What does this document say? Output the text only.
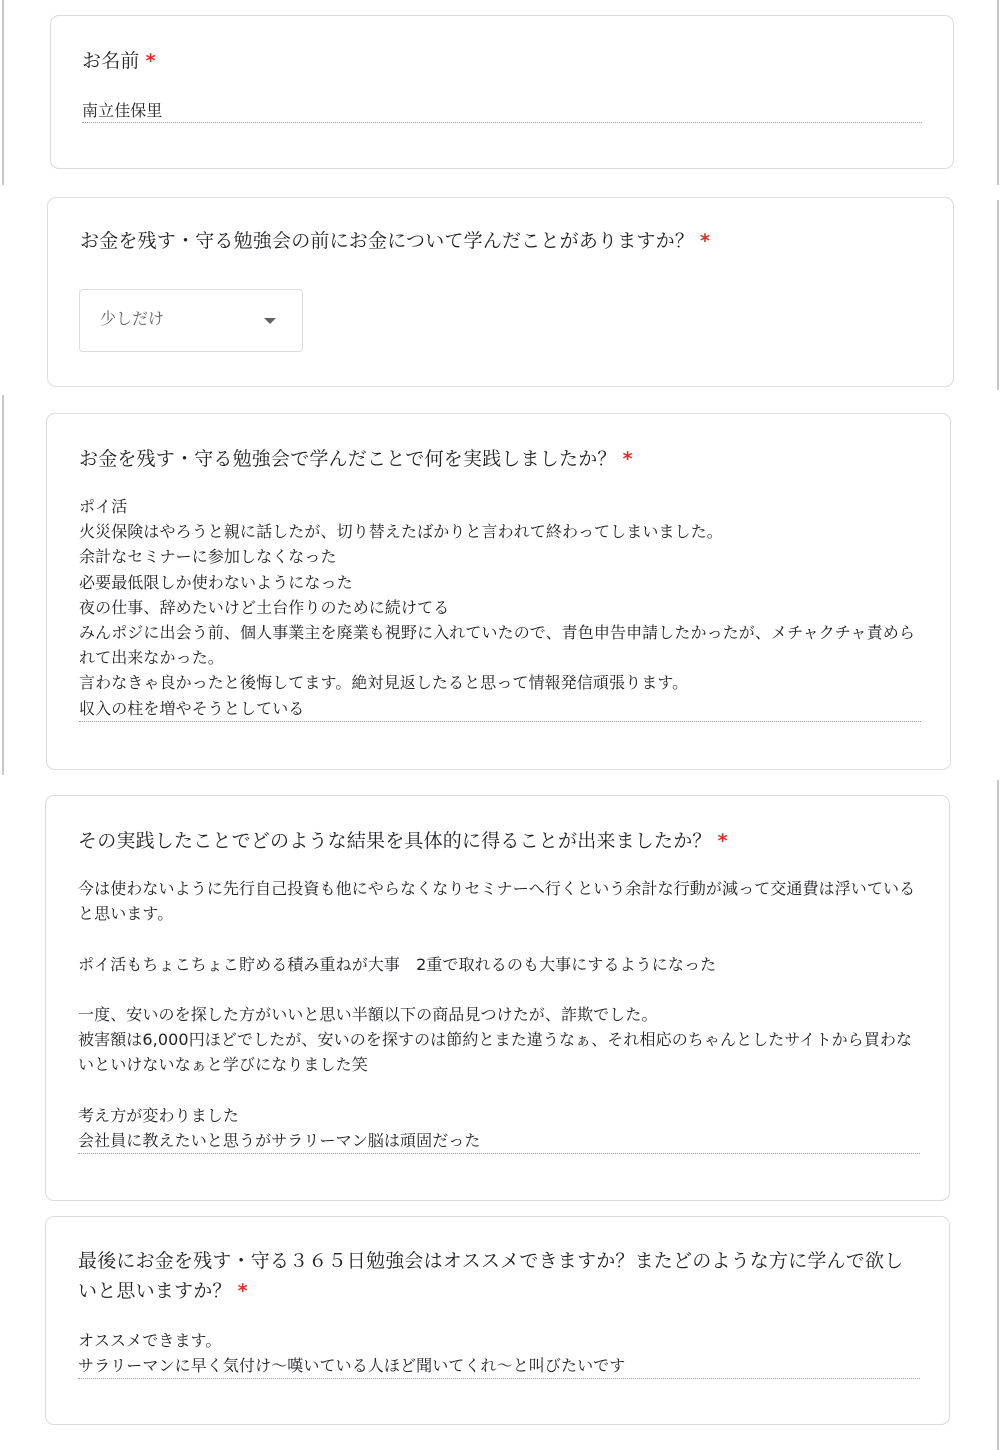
お名前 *
南立佳保里
お金を残す・守る勉強会の前にお金について学んだことがありますか？ *
少しだけ
お金を残す・守る勉強会で学んだことで何を実践しましたか？ *
ポイ活
火災保険はやろうと親に話したが、切り替えたばかりと言われて終わってしまいました。
余計なセミナーに参加しなくなった
必要最低限しか使わないようになった
夜の仕事、辞めたいけど土台作りのために続けてる
みんポジに出会う前、個人事業主を廃業も視野に入れていたので、青色申告申請したかったが、メチャクチャ責められて出来なかった。
言わなきゃ良かったと後悔してます。絶対見返したると思って情報発信頑張ります。
収入の柱を増やそうとしている
その実践したことでどのような結果を具体的に得ることが出来ましたか？ *
今は使わないように先行自己投資も他にやらなくなりセミナーへ行くという余計な行動が減って交通費は浮いていると思います。

ポイ活もちょこちょこ貯める積み重ねが大事　2重で取れるのも大事にするようになった

一度、安いのを探した方がいいと思い半額以下の商品見つけたが、詐欺でした。
被害額は6,000円ほどでしたが、安いのを探すのは節約とまた違うなぁ、それ相応のちゃんとしたサイトから買わないといけないなぁと学びになりました笑

考え方が変わりました
会社員に教えたいと思うがサラリーマン脳は頑固だった
最後にお金を残す・守る３６５日勉強会はオススメできますか？またどのような方に学んで欲しいと思いますか？ *
オススメできます。
サラリーマンに早く気付け〜嘆いている人ほど聞いてくれ〜と叫びたいです
